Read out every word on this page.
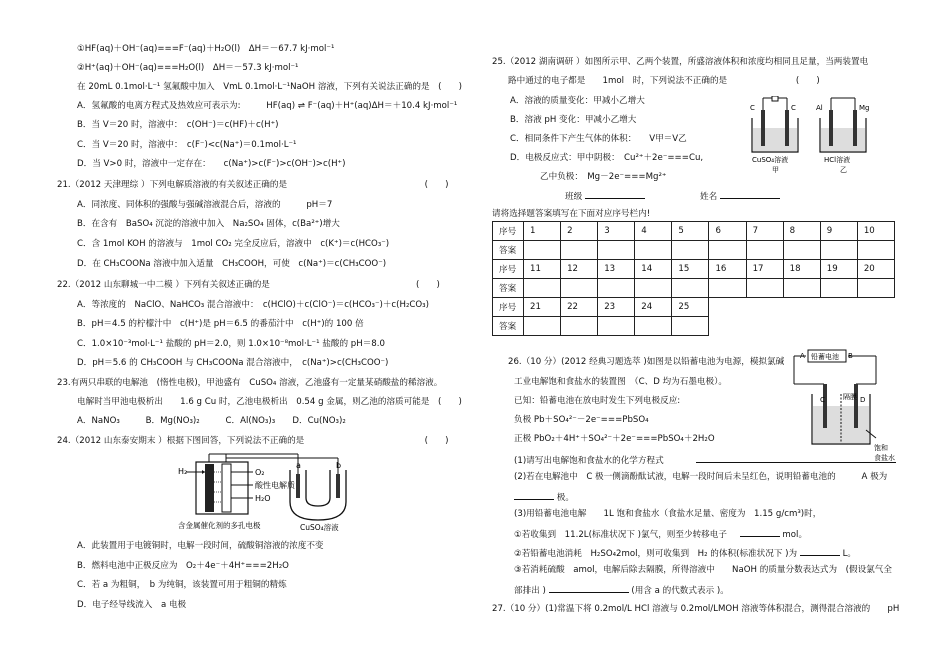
①HF(aq)＋OH⁻(aq)===F⁻(aq)＋H₂O(l)　ΔH＝－67.7 kJ·mol⁻¹
②H⁺(aq)＋OH⁻(aq)===H₂O(l)　ΔH＝－57.3 kJ·mol⁻¹
在 20mL 0.1mol·L⁻¹ 氢氟酸中加入　VmL 0.1mol·L⁻¹NaOH 溶液，下列有关说法正确的是　(　　)
A．氢氟酸的电离方程式及热效应可表示为:　　　HF(aq) ⇌ F⁻(aq)＋H⁺(aq)ΔH＝＋10.4 kJ·mol⁻¹
B．当 V＝20 时，溶液中：　c(OH⁻)＝c(HF)＋c(H⁺)
C．当 V＝20 时，溶液中：　c(F⁻)<c(Na⁺)＝0.1mol·L⁻¹
D．当 V>0 时，溶液中一定存在：　　c(Na⁺)>c(F⁻)>c(OH⁻)>c(H⁺)
21.（2012 天津理综 ）下列电解质溶液的有关叙述正确的是　　　　　　　　　　　　　　　　(　　)
A．同浓度、同体积的强酸与强碱溶液混合后，溶液的　　　pH＝7
B．在含有　BaSO₄ 沉淀的溶液中加入　Na₂SO₄ 固体，c(Ba²⁺)增大
C．含 1mol KOH 的溶液与　1mol CO₂ 完全反应后，溶液中　c(K⁺)＝c(HCO₃⁻)
D．在 CH₃COONa 溶液中加入适量　CH₃COOH，可使　c(Na⁺)＝c(CH₃COO⁻)
22.（2012 山东聊城一中二模 ）下列有关叙述正确的是　　　　　　　　　　　　　　　　　(　　)
A．等浓度的　NaClO、NaHCO₃ 混合溶液中：　c(HClO)＋c(ClO⁻)＝c(HCO₃⁻)＋c(H₂CO₃)
B．pH＝4.5 的柠檬汁中　c(H⁺)是 pH＝6.5 的番茄汁中　c(H⁺)的 100 倍
C．1.0×10⁻³mol·L⁻¹ 盐酸的 pH＝2.0，则 1.0×10⁻⁸mol·L⁻¹ 盐酸的 pH＝8.0
D．pH＝5.6 的 CH₃COOH 与 CH₃COONa 混合溶液中，　c(Na⁺)>c(CH₃COO⁻)
23.有两只串联的电解池　(惰性电极)，甲池盛有　CuSO₄ 溶液，乙池盛有一定量某硝酸盐的稀溶液。
电解时当甲池电极析出　　1.6 g Cu 时，乙池电极析出　0.54 g 金属，则乙池的溶质可能是　(　　)
A．NaNO₃　　　B．Mg(NO₃)₂　　　C．Al(NO₃)₃　　D．Cu(NO₃)₂
24.（2012 山东泰安期末 ）根据下图回答，下列说法不正确的是　　　　　　　　　　　　　　(　　)
H₂	O₂
酸性电解质
H₂O
a	b
含金属催化剂的多孔电极	CuSO₄溶液
A．此装置用于电镀铜时，电解一段时间，硫酸铜溶液的浓度不变
B．燃料电池中正极反应为　O₂＋4e⁻＋4H⁺===2H₂O
C．若 a 为粗铜，　b 为纯铜，该装置可用于粗铜的精炼
D．电子经导线流入　a 电极
25.（2012 湖南调研 ）如图所示甲、乙两个装置，所盛溶液体积和浓度均相同且足量，当两装置电
路中通过的电子都是　　1mol　时，下列说法不正确的是　　　　　　　　(　　)
A．溶液的质量变化：甲减小乙增大
B．溶液 pH 变化：甲减小乙增大
C．相同条件下产生气体的体积：　　V甲＝V乙
D．电极反应式：甲中阴极：　Cu²⁺＋2e⁻===Cu,
乙中负极：　Mg－2e⁻===Mg²⁺
C	C	Al	Mg
CuSO₄溶液
甲
HCl溶液
乙
班级	姓名
请将选择题答案填写在下面对应序号栏内!
序号	1	2	3	4	5	6	7	8	9	10
答案										
序号	11	12	13	14	15	16	17	18	19	20
答案										
序号	21	22	23	24	25					
答案										
26.（10 分）(2012 经典习题选萃 )如图是以铅蓄电池为电源，模拟氯碱
工业电解饱和食盐水的装置图　（C、D 均为石墨电极）。
已知：铅蓄电池在放电时发生下列电极反应:
负极 Pb＋SO₄²⁻－2e⁻===PbSO₄
正极 PbO₂＋4H⁺＋SO₄²⁻＋2e⁻===PbSO₄＋2H₂O
(1)请写出电解饱和食盐水的化学方程式
(2)若在电解池中　C 极一侧滴酚酞试液，电解一段时间后未呈红色，说明铅蓄电池的　　　A 极为
极。
(3)用铅蓄电池电解　　1L 饱和食盐水（食盐水足量、密度为　1.15 g/cm³)时，
①若收集到　11.2L(标准状况下 )氯气，则至少转移电子	mol。
②若铅蓄电池消耗　H₂SO₄2mol，则可收集到　H₂ 的体积(标准状况下 )为	L。
③若消耗硫酸　amol，电解后除去隔膜，所得溶液中　　NaOH 的质量分数表达式为　(假设氯气全
部排出 )	(用含 a 的代数式表示 )。
27.（10 分）(1)常温下将 0.2mol/L HCl 溶液与 0.2mol/LMOH 溶液等体积混合，测得混合溶液的　　pH
铅蓄电池
A	B
C	D
隔膜
饱和
食盐水
